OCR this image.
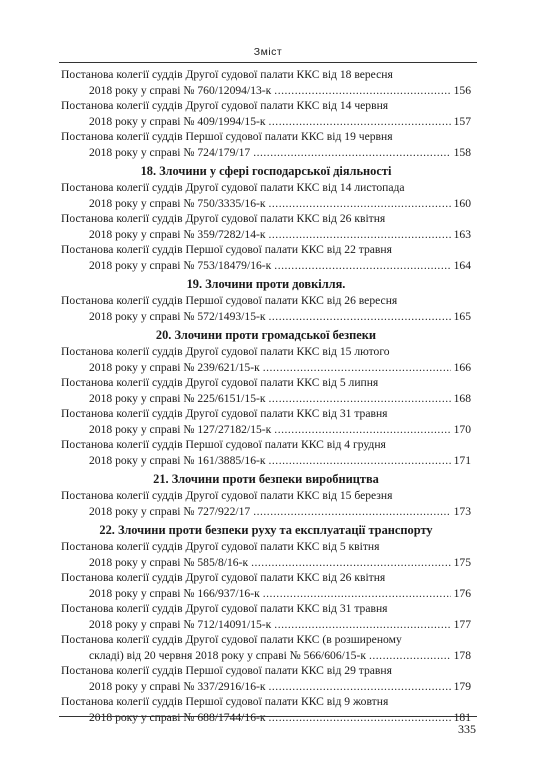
Зміст
Постанова колегії суддів Другої судової палати ККС від 18 вересня
2018 року у справі № 760/12094/13-к .....	156
Постанова колегії суддів Другої судової палати ККС від 14 червня
2018 року у справі № 409/1994/15-к .....	157
Постанова колегії суддів Першої судової палати ККС від 19 червня
2018 року у справі № 724/179/17 .....	158
18. Злочини у сфері господарської діяльності
Постанова колегії суддів Другої судової палати ККС від 14 листопада
2018 року у справі № 750/3335/16-к .....	160
Постанова колегії суддів Другої судової палати ККС від 26 квітня
2018 року у справі № 359/7282/14-к .....	163
Постанова колегії суддів Першої судової палати ККС від 22 травня
2018 року у справі № 753/18479/16-к .....	164
19. Злочини проти довкілля.
Постанова колегії суддів Першої судової палати ККС від 26 вересня
2018 року у справі № 572/1493/15-к .....	165
20. Злочини проти громадської безпеки
Постанова колегії суддів Другої судової палати ККС від 15 лютого
2018 року у справі № 239/621/15-к .....	166
Постанова колегії суддів Другої судової палати ККС від 5 липня
2018 року у справі № 225/6151/15-к .....	168
Постанова колегії суддів Другої судової палати ККС від 31 травня
2018 року у справі № 127/27182/15-к .....	170
Постанова колегії суддів Першої судової палати ККС від 4 грудня
2018 року у справі № 161/3885/16-к .....	171
21. Злочини проти безпеки виробництва
Постанова колегії суддів Другої судової палати ККС від 15 березня
2018 року у справі № 727/922/17 .....	173
22. Злочини проти безпеки руху та експлуатації транспорту
Постанова колегії суддів Другої судової палати ККС від 5 квітня
2018 року у справі № 585/8/16-к .....	175
Постанова колегії суддів Другої судової палати ККС від 26 квітня
2018 року у справі № 166/937/16-к .....	176
Постанова колегії суддів Другої судової палати ККС від 31 травня
2018 року у справі № 712/14091/15-к .....	177
Постанова колегії суддів Другої судової палати ККС (в розширеному
складі) від 20 червня 2018 року у справі № 566/606/15-к .....	178
Постанова колегії суддів Першої судової палати ККС від 29 травня
2018 року у справі № 337/2916/16-к .....	179
Постанова колегії суддів Першої судової палати ККС від 9 жовтня
2018 року у справі № 688/1744/16-к .....	181
335
